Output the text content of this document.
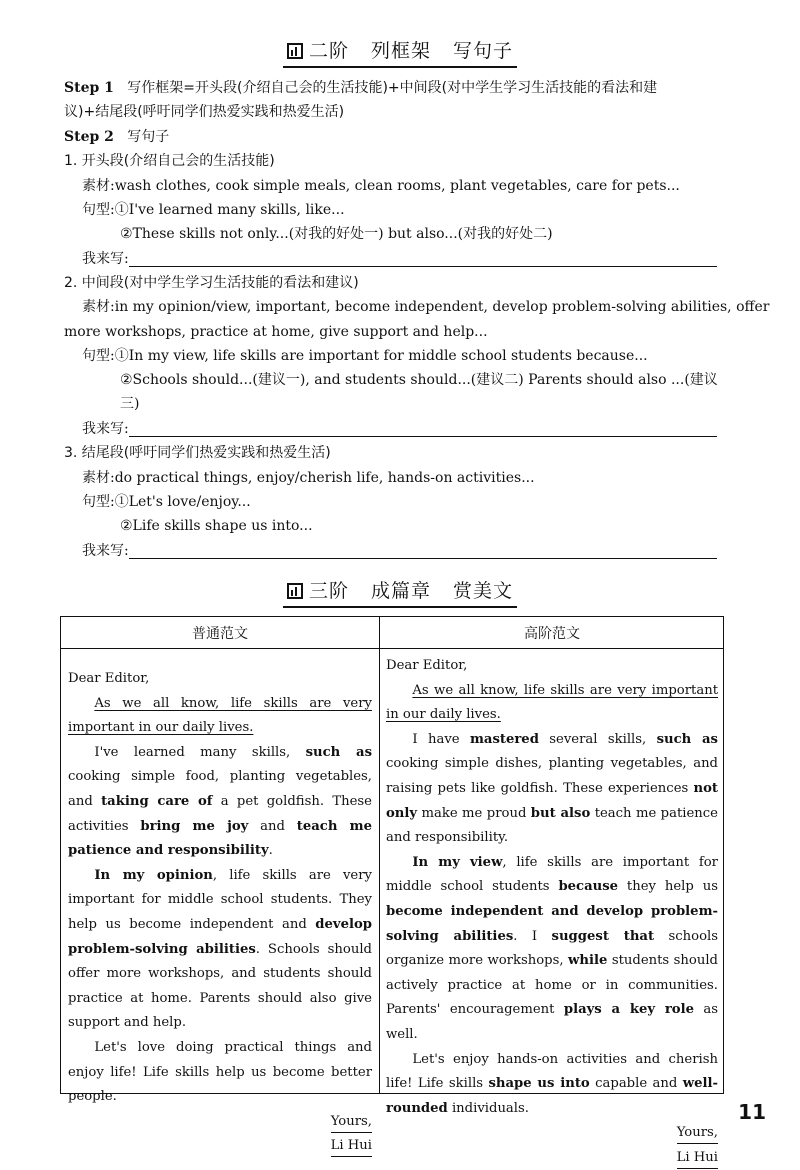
二阶 列框架 写句子
Step 1 写作框架=开头段(介绍自己会的生活技能)+中间段(对中学生学习生活技能的看法和建
议)+结尾段(呼吁同学们热爱实践和热爱生活)
Step 2 写句子
1. 开头段(介绍自己会的生活技能)
素材:wash clothes, cook simple meals, clean rooms, plant vegetables, care for pets...
句型:①I've learned many skills, like...
②These skills not only...(对我的好处一) but also...(对我的好处二)
我来写:
2. 中间段(对中学生学习生活技能的看法和建议)
素材:in my opinion/view, important, become independent, develop problem-solving abilities, offer
more workshops, practice at home, give support and help...
句型:①In my view, life skills are important for middle school students because...
②Schools should...(建议一), and students should...(建议二) Parents should also ...(建议
三)
我来写:
3. 结尾段(呼吁同学们热爱实践和热爱生活)
素材:do practical things, enjoy/cherish life, hands-on activities...
句型:①Let's love/enjoy...
②Life skills shape us into...
我来写:
三阶 成篇章 赏美文
普通范文	高阶范文

Dear Editor,

As we all know, life skills are very important in our daily lives.

I've learned many skills, such as cooking simple food, planting vegetables, and taking care of a pet goldfish. These activities bring me joy and teach me patience and responsibility.

In my opinion, life skills are very important for middle school students. They help us become independent and develop problem-solving abilities. Schools should offer more workshops, and students should practice at home. Parents should also give support and help.

Let's love doing practical things and enjoy life! Life skills help us become better people.

Yours,

Li Hui

Dear Editor,

As we all know, life skills are very important in our daily lives.

I have mastered several skills, such as cooking simple dishes, planting vegetables, and raising pets like goldfish. These experiences not only make me proud but also teach me patience and responsibility.

In my view, life skills are important for middle school students because they help us become independent and develop problem-solving abilities. I suggest that schools organize more workshops, while students should actively practice at home or in communities. Parents' encouragement plays a key role as well.

Let's enjoy hands-on activities and cherish life! Life skills shape us into capable and well-rounded individuals.

Yours,

Li Hui

11
